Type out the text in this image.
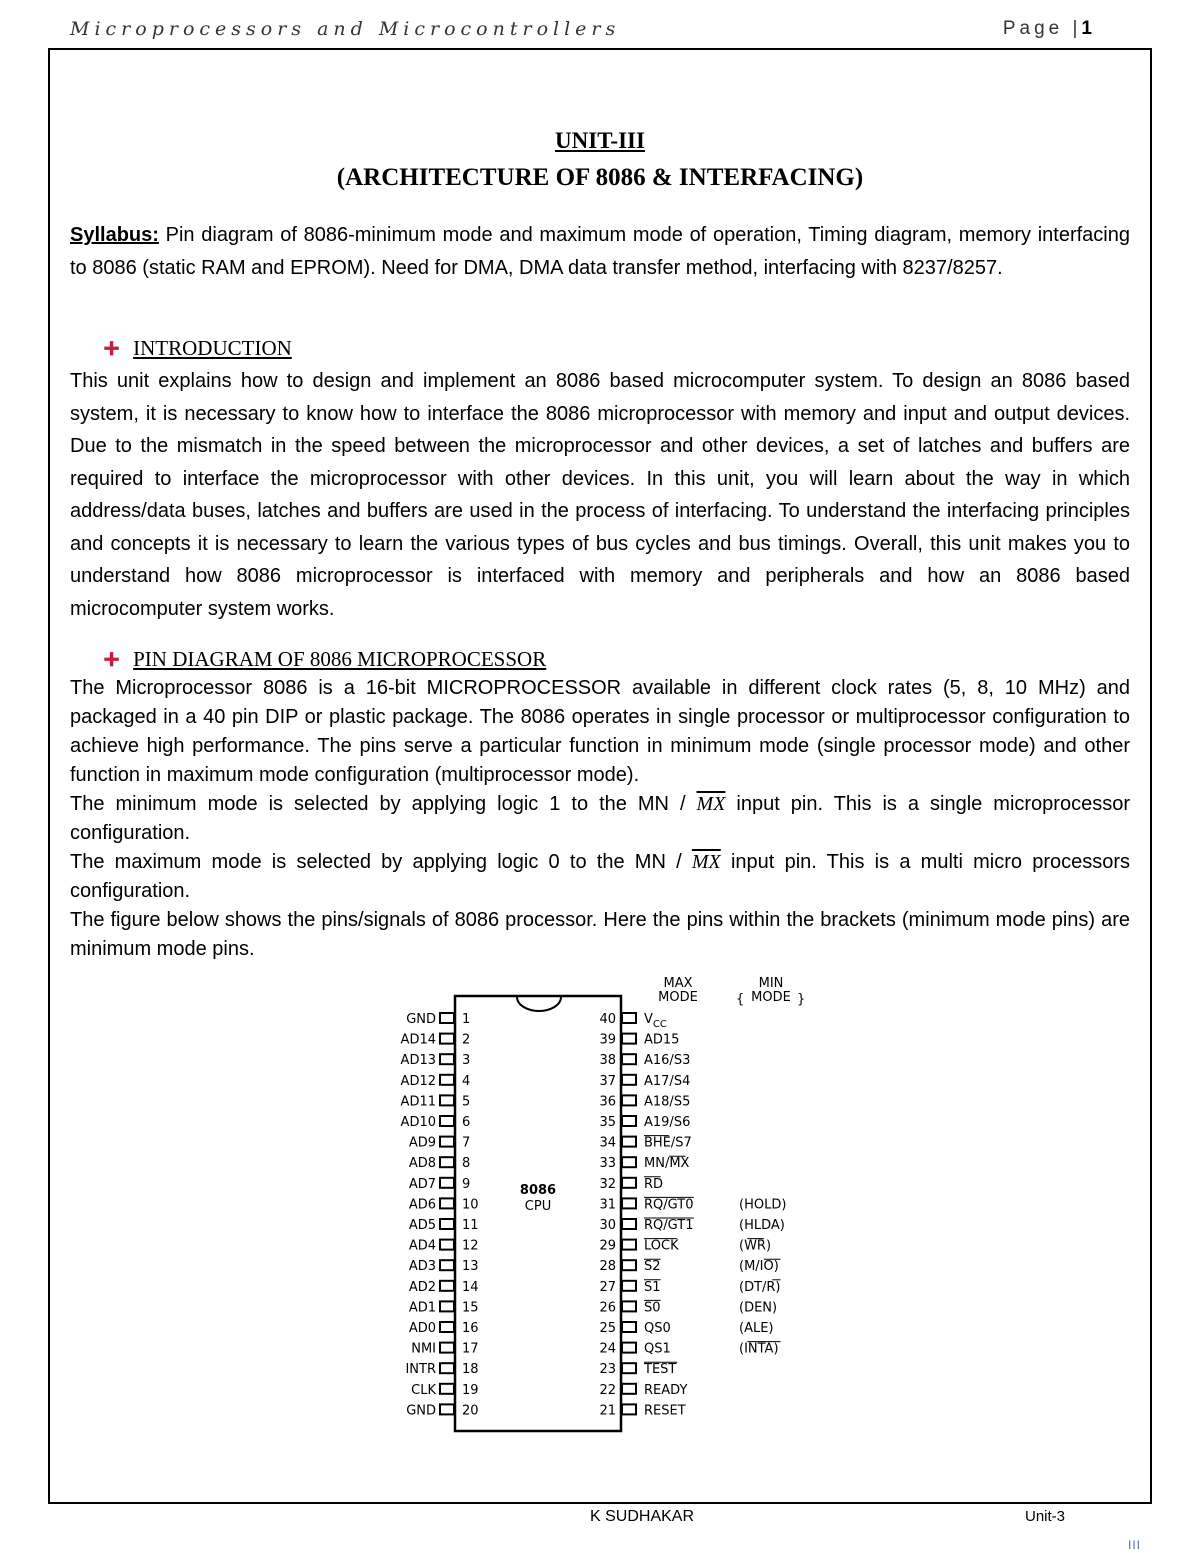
Microprocessors and Microcontrollers	Page |1
UNIT-III
(ARCHITECTURE OF 8086 & INTERFACING)
Syllabus: Pin diagram of 8086-minimum mode and maximum mode of operation, Timing diagram, memory interfacing to 8086 (static RAM and EPROM). Need for DMA, DMA data transfer method, interfacing with 8237/8257.
➕︎ INTRODUCTION
This unit explains how to design and implement an 8086 based microcomputer system. To design an 8086 based system, it is necessary to know how to interface the 8086 microprocessor with memory and input and output devices. Due to the mismatch in the speed between the microprocessor and other devices, a set of latches and buffers are required to interface the microprocessor with other devices. In this unit, you will learn about the way in which address/data buses, latches and buffers are used in the process of interfacing. To understand the interfacing principles and concepts it is necessary to learn the various types of bus cycles and bus timings. Overall, this unit makes you to understand how 8086 microprocessor is interfaced with memory and peripherals and how an 8086 based microcomputer system works.
➕︎ PIN DIAGRAM OF 8086 MICROPROCESSOR
The Microprocessor 8086 is a 16-bit MICROPROCESSOR available in different clock rates (5, 8, 10 MHz) and packaged in a 40 pin DIP or plastic package. The 8086 operates in single processor or multiprocessor configuration to achieve high performance. The pins serve a particular function in minimum mode (single processor mode) and other function in maximum mode configuration (multiprocessor mode).
The minimum mode is selected by applying logic 1 to the MN / $\overline{MX}$ input pin. This is a single microprocessor configuration.
The maximum mode is selected by applying logic 0 to the MN / $\overline{MX}$ input pin. This is a multi micro processors configuration.
The figure below shows the pins/signals of 8086 processor. Here the pins within the brackets (minimum mode pins) are minimum mode pins.
8086
CPU
MAX
MODE	{
MIN
MODE }
GND 1
AD14 2
AD13 3
AD12 4
AD11 5
AD10 6
AD9 7
AD8 8
AD7 9
AD6 10
AD5 11
AD4 12
AD3 13
AD2 14
AD1 15
AD0 16
NMI 17
INTR 18
CLK 19
GND 20
40 $V_{CC}$
39 AD15
38 A16/S3
37 A17/S4
36 A18/S5
35 A19/S6
34 BHE/S7
33 MN/MX
32 RD
31 RQ/GT0	(HOLD)
30 RQ/GT1	(HLDA)
29 LOCK	(WR)
28 S2	(M/IO)
27 S1	(DT/R)
26 S0	(DEN)
25 QS0	(ALE)
24 QS1	(INTA)
23 TEST
22 READY
21 RESET
K SUDHAKAR	Unit-3
III
